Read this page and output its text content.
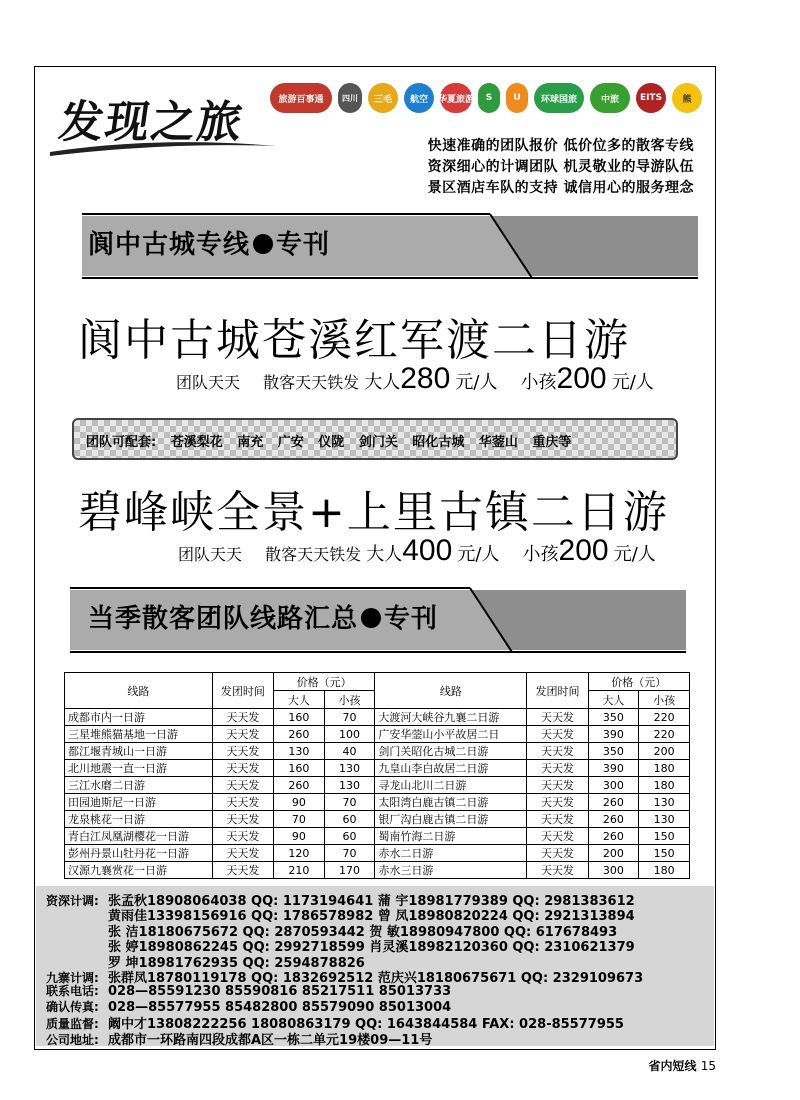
发现之旅	旅游百事通	四川	三毛	航空	华夏旅游	S	U	环球国旅	中旅	EITS	熊
快速准确的团队报价 低价位多的散客专线
资深细心的计调团队 机灵敬业的导游队伍
景区酒店车队的支持 诚信用心的服务理念
阆中古城专线 专刊
阆中古城苍溪红军渡二日游
团队天天 散客天天铁发 大人280 元/人 小孩200 元/人
团队可配套: 苍溪梨花 南充 广安 仪陇 剑门关 昭化古城 华蓥山 重庆等
碧峰峡全景+上里古镇二日游
团队天天 散客天天铁发 大人400 元/人 小孩200 元/人
当季散客团队线路汇总 专刊
线路	发团时间	价格（元）		线路	发团时间	价格（元）	
		大人	小孩			大人	小孩
成都市内一日游	天天发	160	70	大渡河大峡谷九襄二日游	天天发	350	220
三星堆熊猫基地一日游	天天发	260	100	广安华蓥山小平故居二日	天天发	390	220
都江堰青城山一日游	天天发	130	40	剑门关昭化古城二日游	天天发	350	200
北川地震一直一日游	天天发	160	130	九皇山李白故居二日游	天天发	390	180
三江水磨二日游	天天发	260	130	寻龙山北川二日游	天天发	300	180
田园迪斯尼一日游	天天发	90	70	太阳湾白鹿古镇二日游	天天发	260	130
龙泉桃花一日游	天天发	70	60	银厂沟白鹿古镇二日游	天天发	260	130
青白江凤凰湖樱花一日游	天天发	90	60	蜀南竹海二日游	天天发	260	150
彭州丹景山牡丹花一日游	天天发	120	70	赤水二日游	天天发	200	150
汉源九襄赏花一日游	天天发	210	170	赤水三日游	天天发	300	180
资深计调: 张孟秋18908064038 QQ: 1173194641 蒲 宇18981779389 QQ: 2981383612
黄雨佳13398156916 QQ: 1786578982 曾 凤18980820224 QQ: 2921313894
张 洁18180675672 QQ: 2870593442 贺 敏18980947800 QQ: 617678493
张 婷18980862245 QQ: 2992718599 肖灵溪18982120360 QQ: 2310621379
罗 坤18981762935 QQ: 2594878826
九寨计调: 张群凤18780119178 QQ: 1832692512 范庆兴18180675671 QQ: 2329109673
联系电话: 028—85591230 85590816 85217511 85013733
确认传真: 028—85577955 85482800 85579090 85013004
质量监督: 阚中才13808222256 18080863179 QQ: 1643844584 FAX: 028-85577955
公司地址: 成都市一环路南四段成都A区一栋二单元19楼09—11号
省内短线 15
